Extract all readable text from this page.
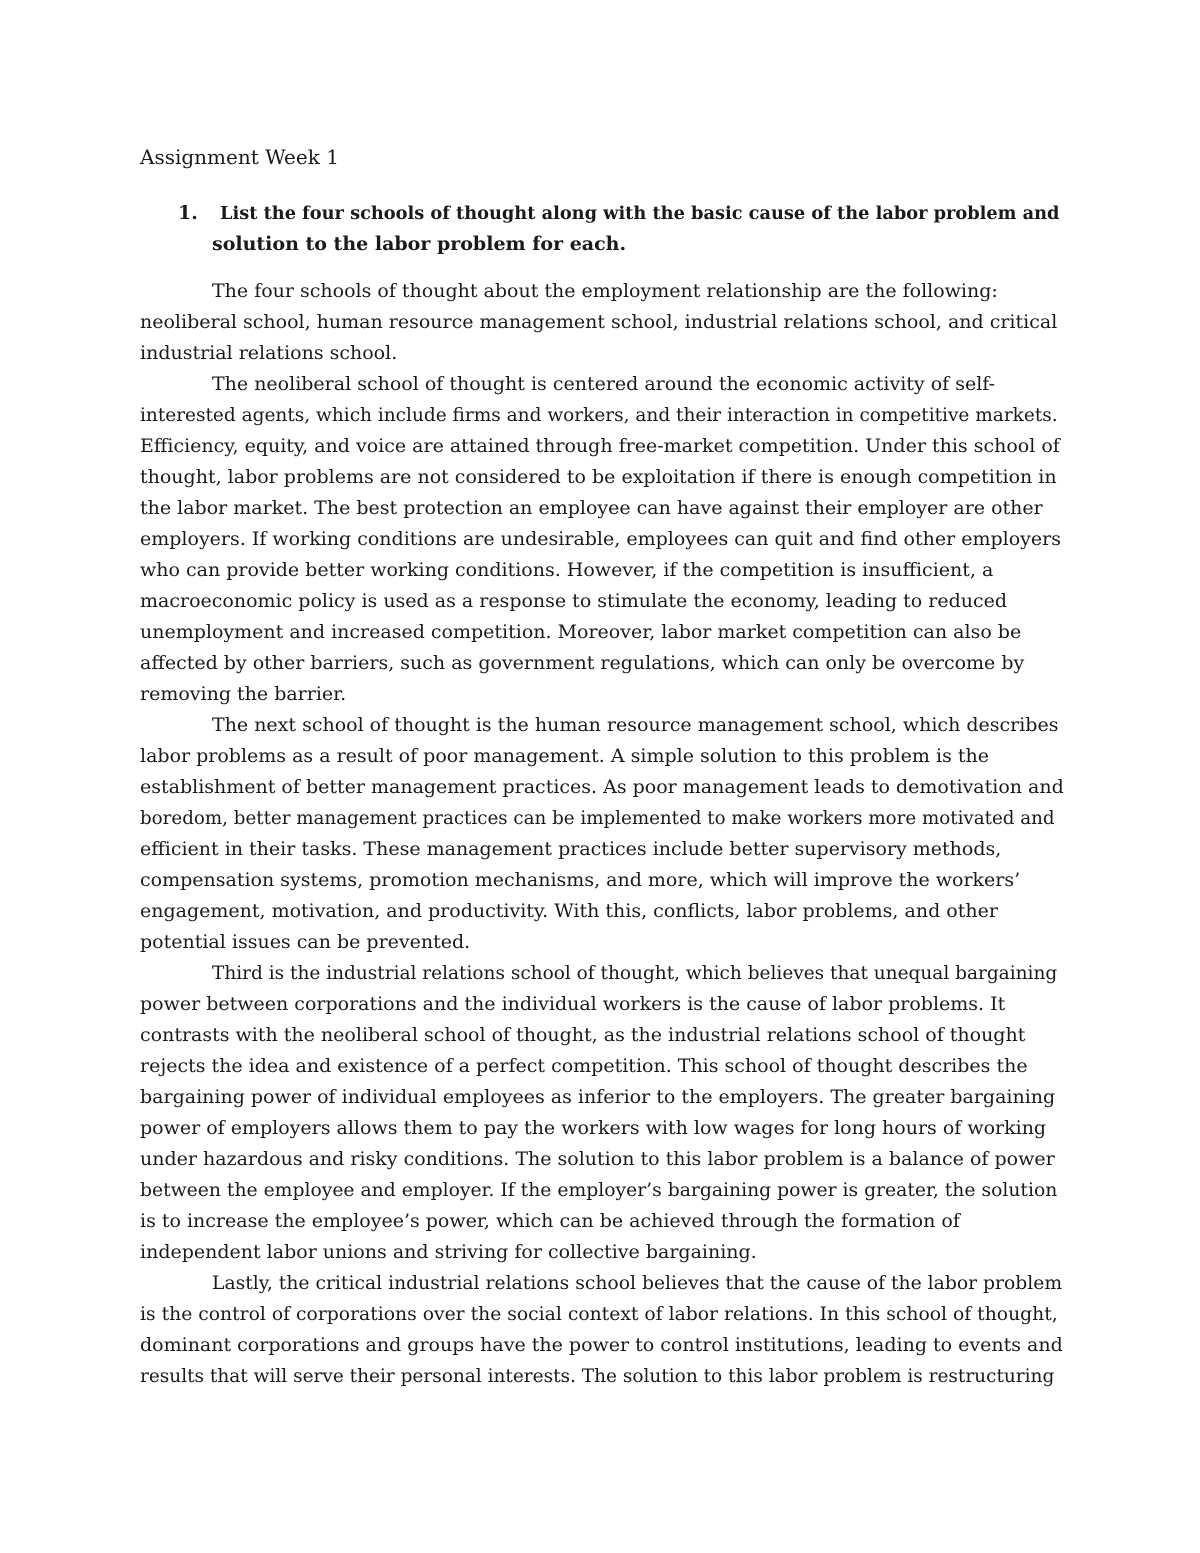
Assignment Week 1
1. List the four schools of thought along with the basic cause of the labor problem and
solution to the labor problem for each.
The four schools of thought about the employment relationship are the following:
neoliberal school, human resource management school, industrial relations school, and critical
industrial relations school.
The neoliberal school of thought is centered around the economic activity of self-
interested agents, which include firms and workers, and their interaction in competitive markets.
Efficiency, equity, and voice are attained through free-market competition. Under this school of
thought, labor problems are not considered to be exploitation if there is enough competition in
the labor market. The best protection an employee can have against their employer are other
employers. If working conditions are undesirable, employees can quit and find other employers
who can provide better working conditions. However, if the competition is insufficient, a
macroeconomic policy is used as a response to stimulate the economy, leading to reduced
unemployment and increased competition. Moreover, labor market competition can also be
affected by other barriers, such as government regulations, which can only be overcome by
removing the barrier.
The next school of thought is the human resource management school, which describes
labor problems as a result of poor management. A simple solution to this problem is the
establishment of better management practices. As poor management leads to demotivation and
boredom, better management practices can be implemented to make workers more motivated and
efficient in their tasks. These management practices include better supervisory methods,
compensation systems, promotion mechanisms, and more, which will improve the workers’
engagement, motivation, and productivity. With this, conflicts, labor problems, and other
potential issues can be prevented.
Third is the industrial relations school of thought, which believes that unequal bargaining
power between corporations and the individual workers is the cause of labor problems. It
contrasts with the neoliberal school of thought, as the industrial relations school of thought
rejects the idea and existence of a perfect competition. This school of thought describes the
bargaining power of individual employees as inferior to the employers. The greater bargaining
power of employers allows them to pay the workers with low wages for long hours of working
under hazardous and risky conditions. The solution to this labor problem is a balance of power
between the employee and employer. If the employer’s bargaining power is greater, the solution
is to increase the employee’s power, which can be achieved through the formation of
independent labor unions and striving for collective bargaining.
Lastly, the critical industrial relations school believes that the cause of the labor problem
is the control of corporations over the social context of labor relations. In this school of thought,
dominant corporations and groups have the power to control institutions, leading to events and
results that will serve their personal interests. The solution to this labor problem is restructuring
